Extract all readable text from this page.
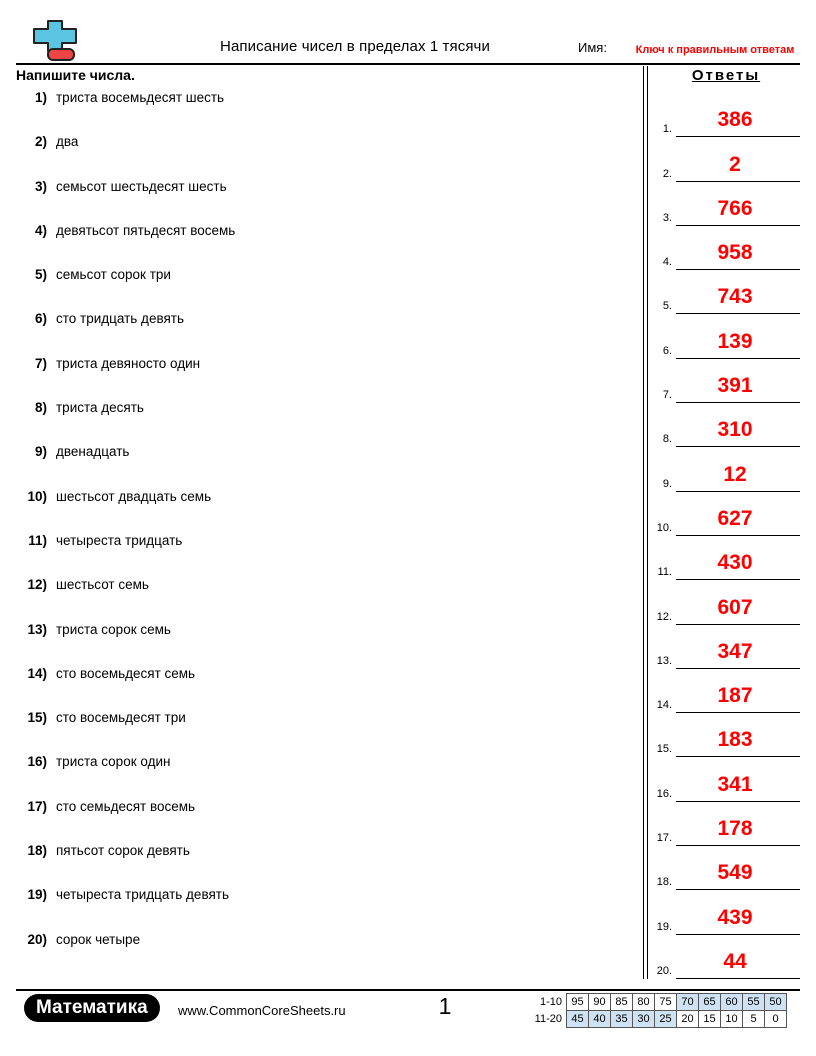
Написание чисел в пределах 1 тясячи	Имя:	Ключ к правильным ответам
Напишите числа.
1) триста восемьдесят шесть
2) два
3) семьсот шестьдесят шесть
4) девятьсот пятьдесят восемь
5) семьсот сорок три
6) сто тридцать девять
7) триста девяносто один
8) триста десять
9) двенадцать
10) шестьсот двадцать семь
11) четыреста тридцать
12) шестьсот семь
13) триста сорок семь
14) сто восемьдесят семь
15) сто восемьдесят три
16) триста сорок один
17) сто семьдесят восемь
18) пятьсот сорок девять
19) четыреста тридцать девять
20) сорок четыре
Ответы
1.	386
2.	2
3.	766
4.	958
5.	743
6.	139
7.	391
8.	310
9.	12
10.	627
11.	430
12.	607
13.	347
14.	187
15.	183
16.	341
17.	178
18.	549
19.	439
20.	44
Математика	www.CommonCoreSheets.ru	1	1-10	95	90	85	80	75	70	65	60	55	50
11-20	45	40	35	30	25	20	15	10	5	0
